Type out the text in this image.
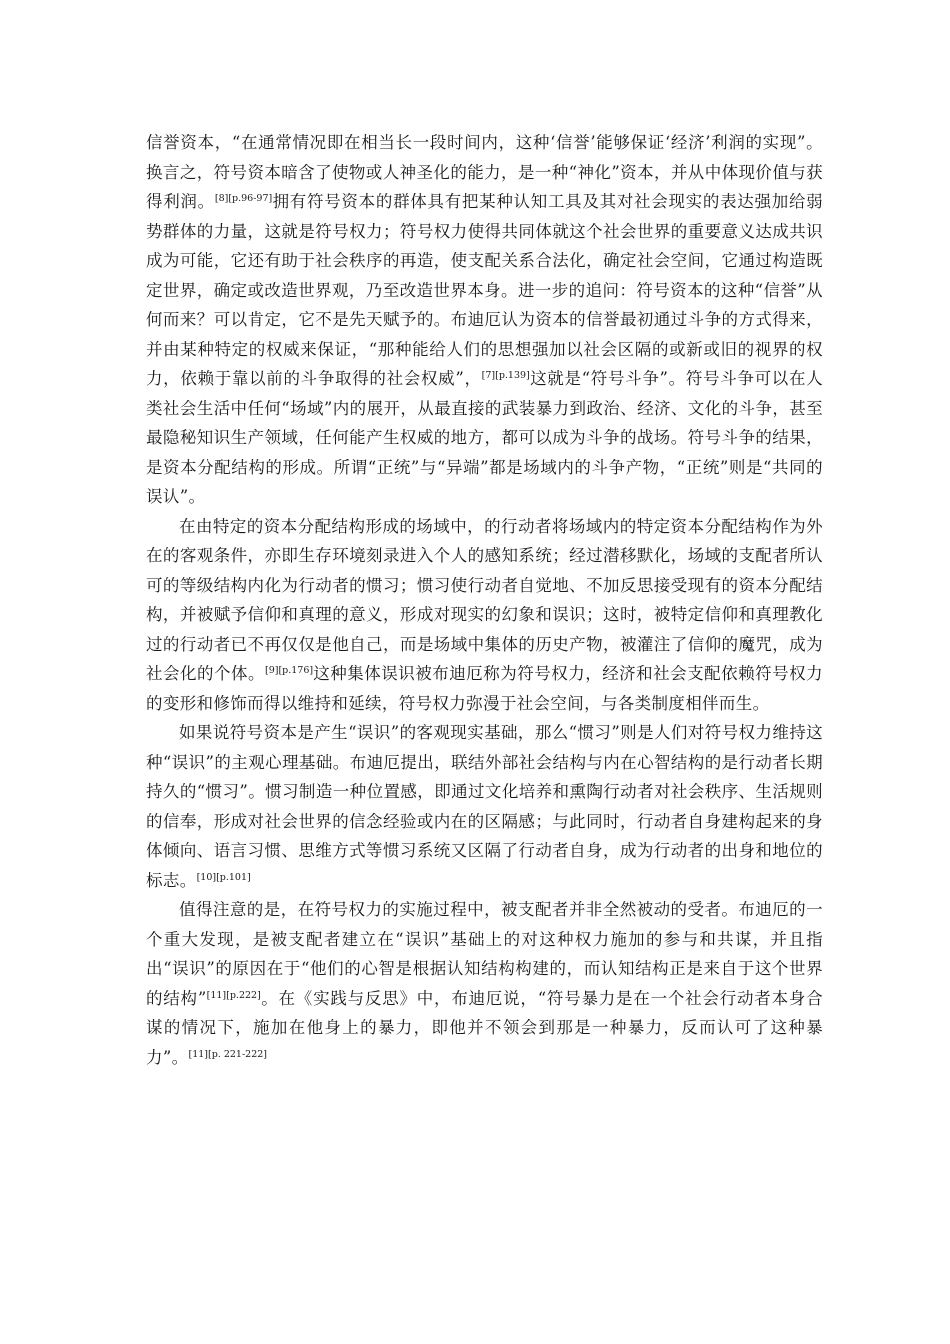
信誉资本，“在通常情况即在相当长一段时间内，这种‘信誉’能够保证‘经济’利润的实现”。换言之，符号资本暗含了使物或人神圣化的能力，是一种“神化”资本，并从中体现价值与获得利润。[8][p.96-97]拥有符号资本的群体具有把某种认知工具及其对社会现实的表达强加给弱势群体的力量，这就是符号权力；符号权力使得共同体就这个社会世界的重要意义达成共识成为可能，它还有助于社会秩序的再造，使支配关系合法化，确定社会空间，它通过构造既定世界，确定或改造世界观，乃至改造世界本身。进一步的追问：符号资本的这种“信誉”从何而来？可以肯定，它不是先天赋予的。布迪厄认为资本的信誉最初通过斗争的方式得来，并由某种特定的权威来保证，“那种能给人们的思想强加以社会区隔的或新或旧的视界的权力，依赖于靠以前的斗争取得的社会权威”，[7][p.139]这就是“符号斗争”。符号斗争可以在人类社会生活中任何“场域”内的展开，从最直接的武装暴力到政治、经济、文化的斗争，甚至最隐秘知识生产领域，任何能产生权威的地方，都可以成为斗争的战场。符号斗争的结果，是资本分配结构的形成。所谓“正统”与“异端”都是场域内的斗争产物，“正统”则是“共同的误认”。

在由特定的资本分配结构形成的场域中，的行动者将场域内的特定资本分配结构作为外在的客观条件，亦即生存环境刻录进入个人的感知系统；经过潜移默化，场域的支配者所认可的等级结构内化为行动者的惯习；惯习使行动者自觉地、不加反思接受现有的资本分配结构，并被赋予信仰和真理的意义，形成对现实的幻象和误识；这时，被特定信仰和真理教化过的行动者已不再仅仅是他自己，而是场域中集体的历史产物，被灌注了信仰的魔咒，成为社会化的个体。[9][p.176]这种集体误识被布迪厄称为符号权力，经济和社会支配依赖符号权力的变形和修饰而得以维持和延续，符号权力弥漫于社会空间，与各类制度相伴而生。

如果说符号资本是产生“误识”的客观现实基础，那么“惯习”则是人们对符号权力维持这种“误识”的主观心理基础。布迪厄提出，联结外部社会结构与内在心智结构的是行动者长期持久的“惯习”。惯习制造一种位置感，即通过文化培养和熏陶行动者对社会秩序、生活规则的信奉，形成对社会世界的信念经验或内在的区隔感；与此同时，行动者自身建构起来的身体倾向、语言习惯、思维方式等惯习系统又区隔了行动者自身，成为行动者的出身和地位的标志。[10][p.101]

值得注意的是，在符号权力的实施过程中，被支配者并非全然被动的受者。布迪厄的一个重大发现，是被支配者建立在“误识”基础上的对这种权力施加的参与和共谋，并且指出“误识”的原因在于“他们的心智是根据认知结构构建的，而认知结构正是来自于这个世界的结构”[11][p.222]。在《实践与反思》中，布迪厄说，“符号暴力是在一个社会行动者本身合谋的情况下，施加在他身上的暴力，即他并不领会到那是一种暴力，反而认可了这种暴力”。[11][p. 221-222]
